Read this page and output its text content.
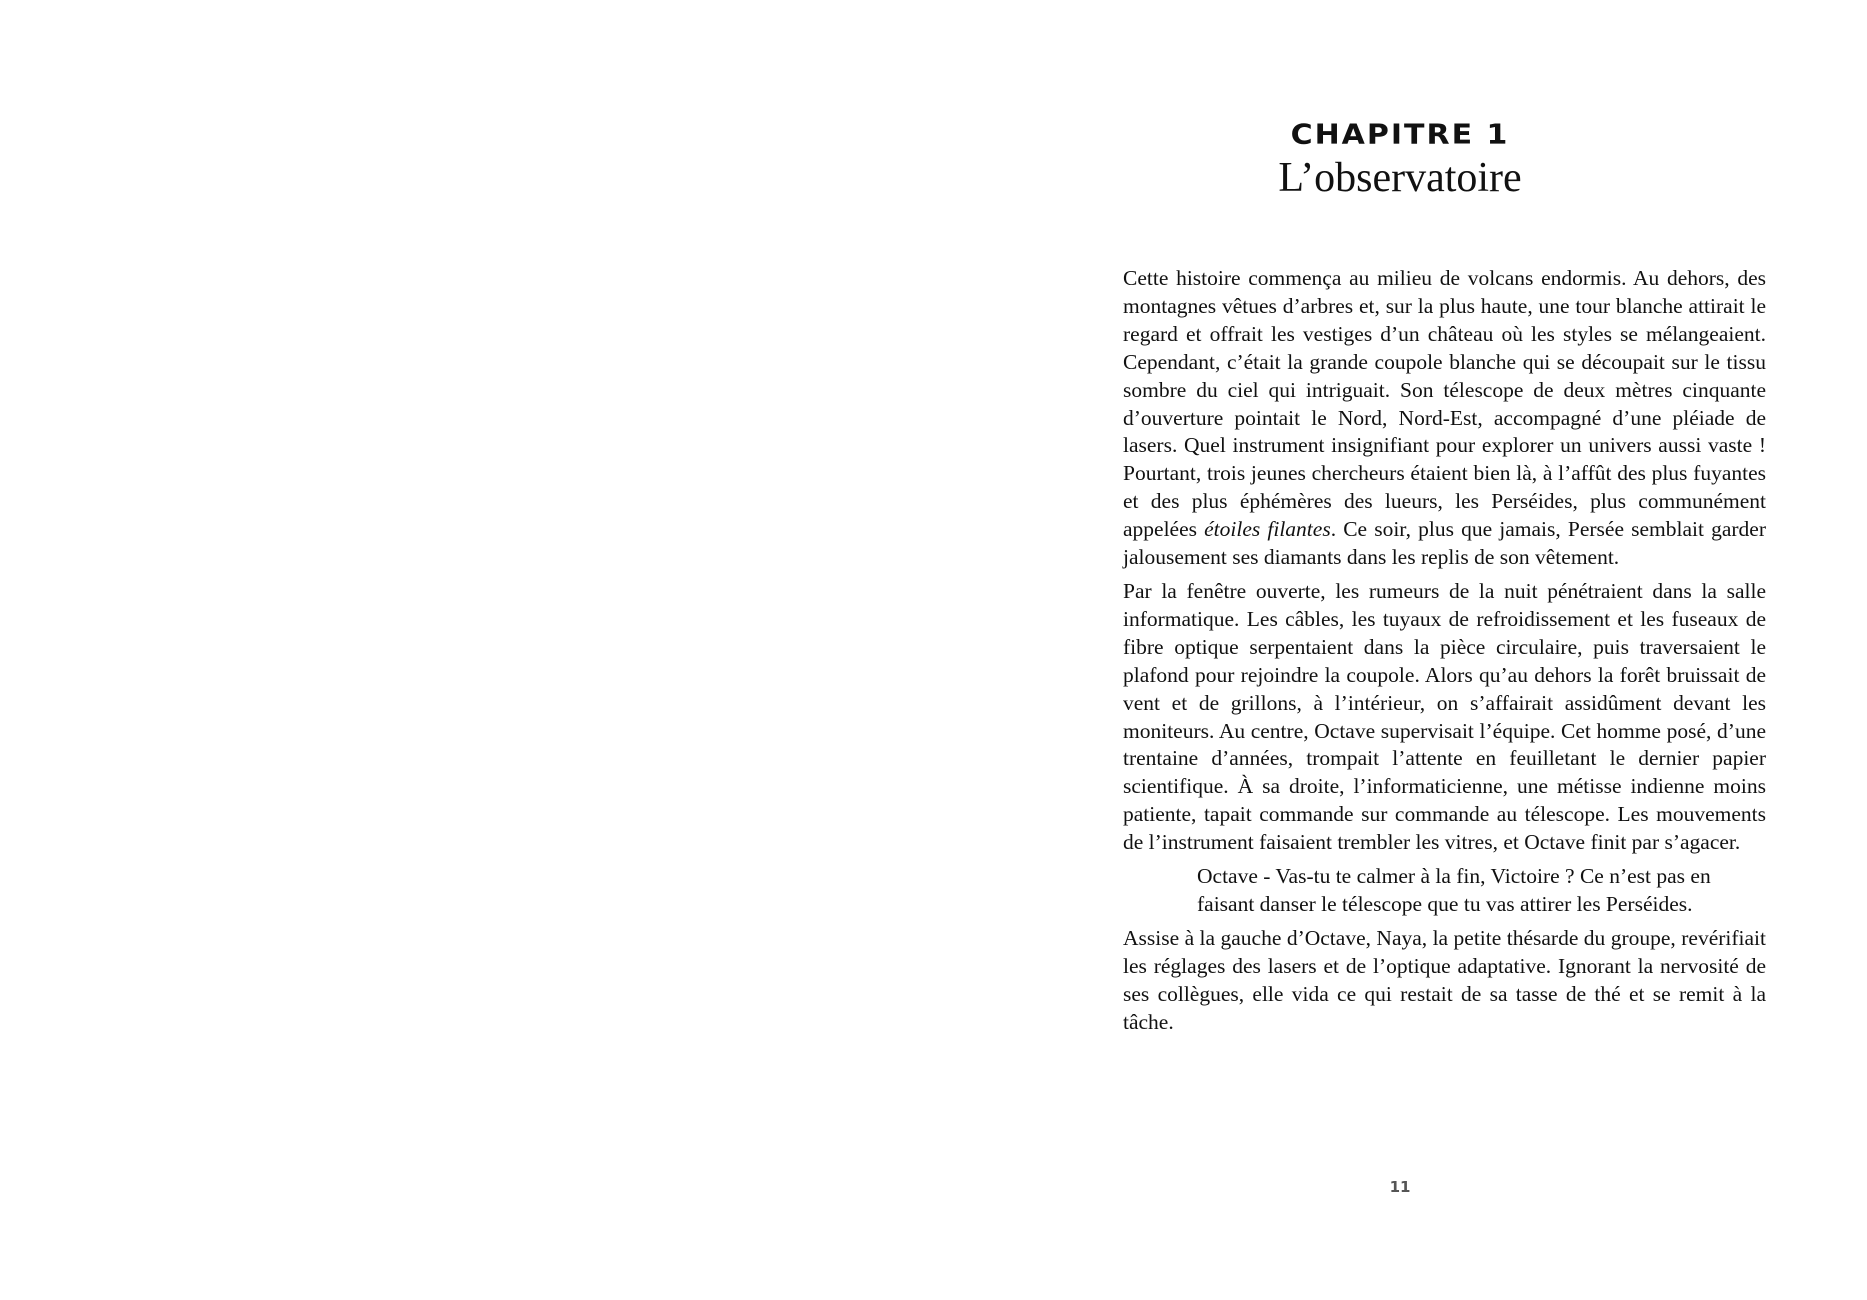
CHAPITRE 1
L’observatoire

Cette histoire commença au milieu de volcans endormis. Au dehors, des montagnes vêtues d’arbres et, sur la plus haute, une tour blanche attirait le regard et offrait les vestiges d’un château où les styles se mélangeaient. Cependant, c’était la grande coupole blanche qui se découpait sur le tissu sombre du ciel qui intriguait. Son télescope de deux mètres cinquante d’ouverture pointait le Nord, Nord-Est, accompagné d’une pléiade de lasers. Quel instrument insignifiant pour explorer un univers aussi vaste ! Pourtant, trois jeunes chercheurs étaient bien là, à l’affût des plus fuyantes et des plus éphémères des lueurs, les Perséides, plus communément appelées étoiles filantes. Ce soir, plus que jamais, Persée semblait garder jalousement ses diamants dans les replis de son vêtement.

Par la fenêtre ouverte, les rumeurs de la nuit pénétraient dans la salle informatique. Les câbles, les tuyaux de refroidissement et les fuseaux de fibre optique serpentaient dans la pièce circulaire, puis traversaient le plafond pour rejoindre la coupole. Alors qu’au dehors la forêt bruissait de vent et de grillons, à l’intérieur, on s’affairait assidûment devant les moniteurs. Au centre, Octave supervisait l’équipe. Cet homme posé, d’une trentaine d’années, trompait l’attente en feuilletant le dernier papier scientifique. À sa droite, l’informaticienne, une métisse indienne moins patiente, tapait commande sur commande au télescope. Les mouvements de l’instrument faisaient trembler les vitres, et Octave finit par s’agacer.

Octave - Vas-tu te calmer à la fin, Victoire ? Ce n’est pas en faisant danser le télescope que tu vas attirer les Perséides.

Assise à la gauche d’Octave, Naya, la petite thésarde du groupe, revérifiait les réglages des lasers et de l’optique adaptative. Ignorant la nervosité de ses collègues, elle vida ce qui restait de sa tasse de thé et se remit à la tâche.

11
